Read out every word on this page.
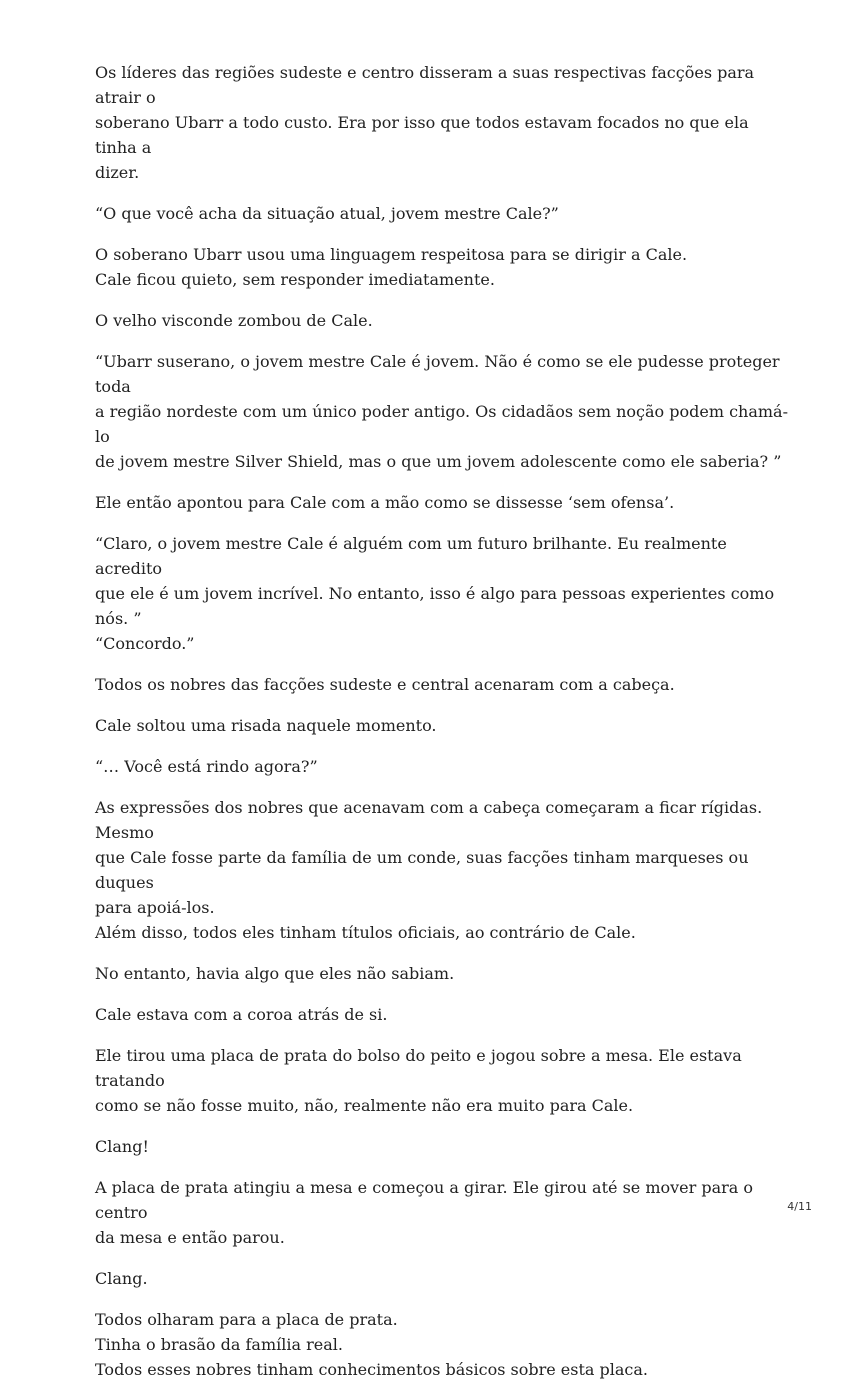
Os líderes das regiões sudeste e centro disseram a suas respectivas facções para atrair o
soberano Ubarr a todo custo. Era por isso que todos estavam focados no que ela tinha a
dizer.

“O que você acha da situação atual, jovem mestre Cale?”

O soberano Ubarr usou uma linguagem respeitosa para se dirigir a Cale.
Cale ficou quieto, sem responder imediatamente.

O velho visconde zombou de Cale.

“Ubarr suserano, o jovem mestre Cale é jovem. Não é como se ele pudesse proteger toda
a região nordeste com um único poder antigo. Os cidadãos sem noção podem chamá-lo
de jovem mestre Silver Shield, mas o que um jovem adolescente como ele saberia? ”

Ele então apontou para Cale com a mão como se dissesse ‘sem ofensa’.

“Claro, o jovem mestre Cale é alguém com um futuro brilhante. Eu realmente acredito
que ele é um jovem incrível. No entanto, isso é algo para pessoas experientes como nós. ”
“Concordo.”

Todos os nobres das facções sudeste e central acenaram com a cabeça.

Cale soltou uma risada naquele momento.

“… Você está rindo agora?”

As expressões dos nobres que acenavam com a cabeça começaram a ficar rígidas. Mesmo
que Cale fosse parte da família de um conde, suas facções tinham marqueses ou duques
para apoiá-los.
Além disso, todos eles tinham títulos oficiais, ao contrário de Cale.

No entanto, havia algo que eles não sabiam.

Cale estava com a coroa atrás de si.

Ele tirou uma placa de prata do bolso do peito e jogou sobre a mesa. Ele estava tratando
como se não fosse muito, não, realmente não era muito para Cale.

Clang!

A placa de prata atingiu a mesa e começou a girar. Ele girou até se mover para o centro
da mesa e então parou.

Clang.

Todos olharam para a placa de prata.
Tinha o brasão da família real.
Todos esses nobres tinham conhecimentos básicos sobre esta placa.

4/11
